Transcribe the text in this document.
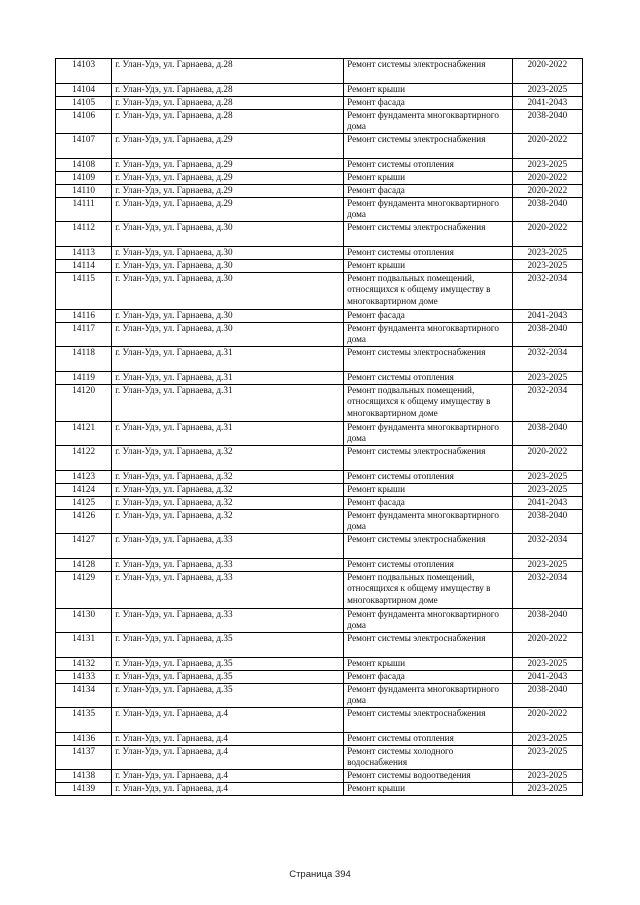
14103	г. Улан-Удэ, ул. Гарнаева, д.28	Ремонт системы электроснабжения	2020-2022
14104	г. Улан-Удэ, ул. Гарнаева, д.28	Ремонт крыши	2023-2025
14105	г. Улан-Удэ, ул. Гарнаева, д.28	Ремонт фасада	2041-2043
14106	г. Улан-Удэ, ул. Гарнаева, д.28	Ремонт фундамента многоквартирного дома	2038-2040
14107	г. Улан-Удэ, ул. Гарнаева, д.29	Ремонт системы электроснабжения	2020-2022
14108	г. Улан-Удэ, ул. Гарнаева, д.29	Ремонт системы отопления	2023-2025
14109	г. Улан-Удэ, ул. Гарнаева, д.29	Ремонт крыши	2020-2022
14110	г. Улан-Удэ, ул. Гарнаева, д.29	Ремонт фасада	2020-2022
14111	г. Улан-Удэ, ул. Гарнаева, д.29	Ремонт фундамента многоквартирного дома	2038-2040
14112	г. Улан-Удэ, ул. Гарнаева, д.30	Ремонт системы электроснабжения	2020-2022
14113	г. Улан-Удэ, ул. Гарнаева, д.30	Ремонт системы отопления	2023-2025
14114	г. Улан-Удэ, ул. Гарнаева, д.30	Ремонт крыши	2023-2025
14115	г. Улан-Удэ, ул. Гарнаева, д.30	Ремонт подвальных помещений, относящихся к общему имуществу в многоквартирном доме	2032-2034
14116	г. Улан-Удэ, ул. Гарнаева, д.30	Ремонт фасада	2041-2043
14117	г. Улан-Удэ, ул. Гарнаева, д.30	Ремонт фундамента многоквартирного дома	2038-2040
14118	г. Улан-Удэ, ул. Гарнаева, д.31	Ремонт системы электроснабжения	2032-2034
14119	г. Улан-Удэ, ул. Гарнаева, д.31	Ремонт системы отопления	2023-2025
14120	г. Улан-Удэ, ул. Гарнаева, д.31	Ремонт подвальных помещений, относящихся к общему имуществу в многоквартирном доме	2032-2034
14121	г. Улан-Удэ, ул. Гарнаева, д.31	Ремонт фундамента многоквартирного дома	2038-2040
14122	г. Улан-Удэ, ул. Гарнаева, д.32	Ремонт системы электроснабжения	2020-2022
14123	г. Улан-Удэ, ул. Гарнаева, д.32	Ремонт системы отопления	2023-2025
14124	г. Улан-Удэ, ул. Гарнаева, д.32	Ремонт крыши	2023-2025
14125	г. Улан-Удэ, ул. Гарнаева, д.32	Ремонт фасада	2041-2043
14126	г. Улан-Удэ, ул. Гарнаева, д.32	Ремонт фундамента многоквартирного дома	2038-2040
14127	г. Улан-Удэ, ул. Гарнаева, д.33	Ремонт системы электроснабжения	2032-2034
14128	г. Улан-Удэ, ул. Гарнаева, д.33	Ремонт системы отопления	2023-2025
14129	г. Улан-Удэ, ул. Гарнаева, д.33	Ремонт подвальных помещений, относящихся к общему имуществу в многоквартирном доме	2032-2034
14130	г. Улан-Удэ, ул. Гарнаева, д.33	Ремонт фундамента многоквартирного дома	2038-2040
14131	г. Улан-Удэ, ул. Гарнаева, д.35	Ремонт системы электроснабжения	2020-2022
14132	г. Улан-Удэ, ул. Гарнаева, д.35	Ремонт крыши	2023-2025
14133	г. Улан-Удэ, ул. Гарнаева, д.35	Ремонт фасада	2041-2043
14134	г. Улан-Удэ, ул. Гарнаева, д.35	Ремонт фундамента многоквартирного дома	2038-2040
14135	г. Улан-Удэ, ул. Гарнаева, д.4	Ремонт системы электроснабжения	2020-2022
14136	г. Улан-Удэ, ул. Гарнаева, д.4	Ремонт системы отопления	2023-2025
14137	г. Улан-Удэ, ул. Гарнаева, д.4	Ремонт системы холодного водоснабжения	2023-2025
14138	г. Улан-Удэ, ул. Гарнаева, д.4	Ремонт системы водоотведения	2023-2025
14139	г. Улан-Удэ, ул. Гарнаева, д.4	Ремонт крыши	2023-2025
Страница 394
